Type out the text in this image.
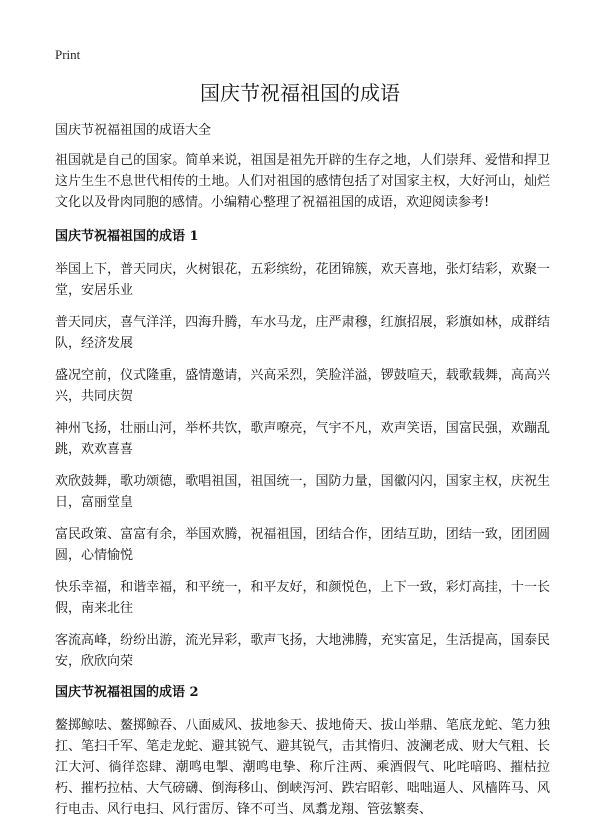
Print
国庆节祝福祖国的成语
国庆节祝福祖国的成语大全

祖国就是自己的国家。简单来说，祖国是祖先开辟的生存之地，人们崇拜、爱惜和捍卫这片生生不息世代相传的土地。人们对祖国的感情包括了对国家主权，大好河山，灿烂文化以及骨肉同胞的感情。小编精心整理了祝福祖国的成语，欢迎阅读参考!

国庆节祝福祖国的成语 1

举国上下，普天同庆，火树银花，五彩缤纷，花团锦簇，欢天喜地，张灯结彩，欢聚一堂，安居乐业

普天同庆，喜气洋洋，四海升腾，车水马龙，庄严肃穆，红旗招展，彩旗如林，成群结队，经济发展

盛况空前，仪式隆重，盛情邀请，兴高采烈，笑脸洋溢，锣鼓喧天，载歌载舞，高高兴兴，共同庆贺

神州飞扬，壮丽山河，举杯共饮，歌声嘹亮，气宇不凡，欢声笑语，国富民强，欢蹦乱跳，欢欢喜喜

欢欣鼓舞，歌功颂德，歌唱祖国，祖国统一，国防力量，国徽闪闪，国家主权，庆祝生日，富丽堂皇

富民政策、富富有余，举国欢腾，祝福祖国，团结合作，团结互助，团结一致，团团圆圆，心情愉悦

快乐幸福，和谐幸福，和平统一，和平友好，和颜悦色，上下一致，彩灯高挂，十一长假，南来北往

客流高峰，纷纷出游，流光异彩，歌声飞扬，大地沸腾，充实富足，生活提高，国泰民安，欣欣向荣

国庆节祝福祖国的成语 2

鳌掷鲸呿、鳌掷鲸吞、八面威风、拔地参天、拔地倚天、拔山举鼎、笔底龙蛇、笔力独扛、笔扫千军、笔走龙蛇、避其锐气、避其锐气，击其惰归、波澜老成、财大气粗、长江大河、徜徉恣肆、潮鸣电掣、潮鸣电挚、称斤注两、乘酒假气、叱咤喑呜、摧枯拉朽、摧朽拉枯、大气磅礴、倒海移山、倒峡泻河、跌宕昭彰、咄咄逼人、风樯阵马、风行电击、风行电扫、风行雷厉、锋不可当、凤翥龙翔、管弦繁奏、
